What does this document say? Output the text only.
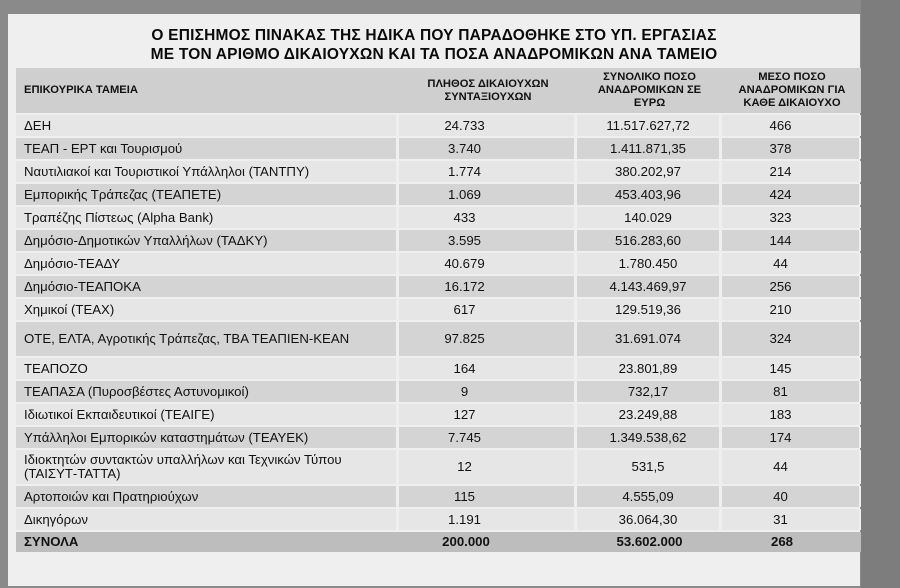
Ο ΕΠΙΣΗΜΟΣ ΠΙΝΑΚΑΣ ΤΗΣ ΗΔΙΚΑ ΠΟΥ ΠΑΡΑΔΟΘΗΚΕ ΣΤΟ ΥΠ. ΕΡΓΑΣΙΑΣ
ΜΕ ΤΟΝ ΑΡΙΘΜΟ ΔΙΚΑΙΟΥΧΩΝ ΚΑΙ ΤΑ ΠΟΣΑ ΑΝΑΔΡΟΜΙΚΩΝ ΑΝΑ ΤΑΜΕΙΟ
ΕΠΙΚΟΥΡΙΚΑ ΤΑΜΕΙΑ	ΠΛΗΘΟΣ ΔΙΚΑΙΟΥΧΩΝ ΣΥΝΤΑΞΙΟΥΧΩΝ	ΣΥΝΟΛΙΚΟ ΠΟΣΟ ΑΝΑΔΡΟΜΙΚΩΝ ΣΕ ΕΥΡΩ	ΜΕΣΟ ΠΟΣΟ ΑΝΑΔΡΟΜΙΚΩΝ ΓΙΑ ΚΑΘΕ ΔΙΚΑΙΟΥΧΟ
ΔΕΗ	24.733	11.517.627,72	466
ΤΕΑΠ - ΕΡΤ και Τουρισμού	3.740	1.411.871,35	378
Ναυτιλιακοί και Τουριστικοί Υπάλληλοι (ΤΑΝΤΠΥ)	1.774	380.202,97	214
Εμπορικής Τράπεζας (ΤΕΑΠΕΤΕ)	1.069	453.403,96	424
Τραπέζης Πίστεως (Alpha Bank)	433	140.029	323
Δημόσιο-Δημοτικών Υπαλλήλων (ΤΑΔΚΥ)	3.595	516.283,60	144
Δημόσιο-ΤΕΑΔΥ	40.679	1.780.450	44
Δημόσιο-ΤΕΑΠΟΚΑ	16.172	4.143.469,97	256
Χημικοί (ΤΕΑΧ)	617	129.519,36	210
ΟΤΕ, ΕΛΤΑ, Αγροτικής Τράπεζας, ΤΒΑ ΤΕΑΠΙΕΝ-ΚΕΑΝ	97.825	31.691.074	324
ΤΕΑΠΟΖΟ	164	23.801,89	145
ΤΕΑΠΑΣΑ (Πυροσβέστες Αστυνομικοί)	9	732,17	81
Ιδιωτικοί Εκπαιδευτικοί (ΤΕΑΙΓΕ)	127	23.249,88	183
Υπάλληλοι Εμπορικών καταστημάτων (ΤΕΑΥΕΚ)	7.745	1.349.538,62	174
Ιδιοκτητών συντακτών υπαλλήλων και Τεχνικών Τύπου (ΤΑΙΣΥΤ-ΤΑΤΤΑ)	12	531,5	44
Αρτοποιών και Πρατηριούχων	115	4.555,09	40
Δικηγόρων	1.191	36.064,30	31
ΣΥΝΟΛΑ	200.000	53.602.000	268
